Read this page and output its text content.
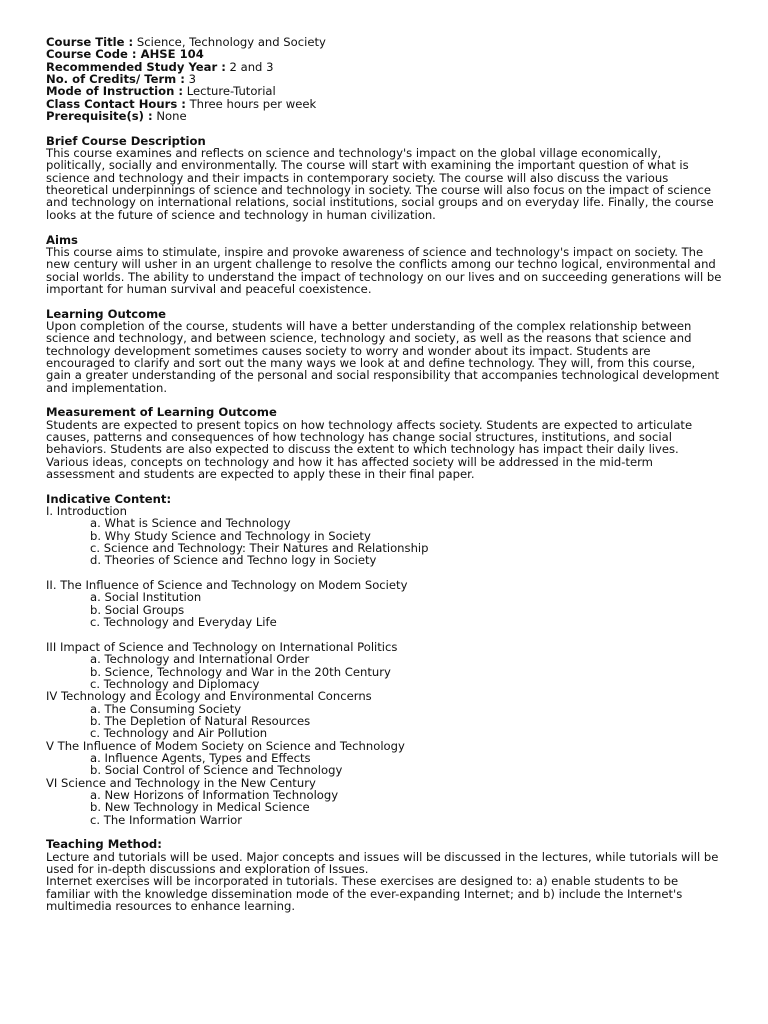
Course Title : Science, Technology and Society
Course Code : AHSE 104
Recommended Study Year : 2 and 3
No. of Credits/ Term : 3
Mode of Instruction : Lecture-Tutorial
Class Contact Hours : Three hours per week
Prerequisite(s) : None
Brief Course Description
This course examines and reflects on science and technology's impact on the global village economically, politically, socially and environmentally. The course will start with examining the important question of what is science and technology and their impacts in contemporary society. The course will also discuss the various theoretical underpinnings of science and technology in society. The course will also focus on the impact of science and technology on international relations, social institutions, social groups and on everyday life. Finally, the course looks at the future of science and technology in human civilization.
Aims
This course aims to stimulate, inspire and provoke awareness of science and technology's impact on society. The new century will usher in an urgent challenge to resolve the conflicts among our techno logical, environmental and social worlds. The ability to understand the impact of technology on our lives and on succeeding generations will be important for human survival and peaceful coexistence.
Learning Outcome
Upon completion of the course, students will have a better understanding of the complex relationship between science and technology, and between science, technology and society, as well as the reasons that science and technology development sometimes causes society to worry and wonder about its impact. Students are encouraged to clarify and sort out the many ways we look at and define technology. They will, from this course, gain a greater understanding of the personal and social responsibility that accompanies technological development and implementation.
Measurement of Learning Outcome
Students are expected to present topics on how technology affects society. Students are expected to articulate causes, patterns and consequences of how technology has change social structures, institutions, and social behaviors. Students are also expected to discuss the extent to which technology has impact their daily lives. Various ideas, concepts on technology and how it has affected society will be addressed in the mid-term assessment and students are expected to apply these in their final paper.
Indicative Content:
I. Introduction
a. What is Science and Technology
b. Why Study Science and Technology in Society
c. Science and Technology: Their Natures and Relationship
d. Theories of Science and Techno logy in Society
II. The Influence of Science and Technology on Modem Society
a. Social Institution
b. Social Groups
c. Technology and Everyday Life
III Impact of Science and Technology on International Politics
a. Technology and International Order
b. Science, Technology and War in the 20th Century
c. Technology and Diplomacy
IV Technology and Ecology and Environmental Concerns
a. The Consuming Society
b. The Depletion of Natural Resources
c. Technology and Air Pollution
V The Influence of Modem Society on Science and Technology
a. Influence Agents, Types and Effects
b. Social Control of Science and Technology
VI Science and Technology in the New Century
a. New Horizons of Information Technology
b. New Technology in Medical Science
c. The Information Warrior
Teaching Method:
Lecture and tutorials will be used. Major concepts and issues will be discussed in the lectures, while tutorials will be used for in-depth discussions and exploration of Issues.
Internet exercises will be incorporated in tutorials. These exercises are designed to: a) enable students to be familiar with the knowledge dissemination mode of the ever-expanding Internet; and b) include the Internet's multimedia resources to enhance learning.
